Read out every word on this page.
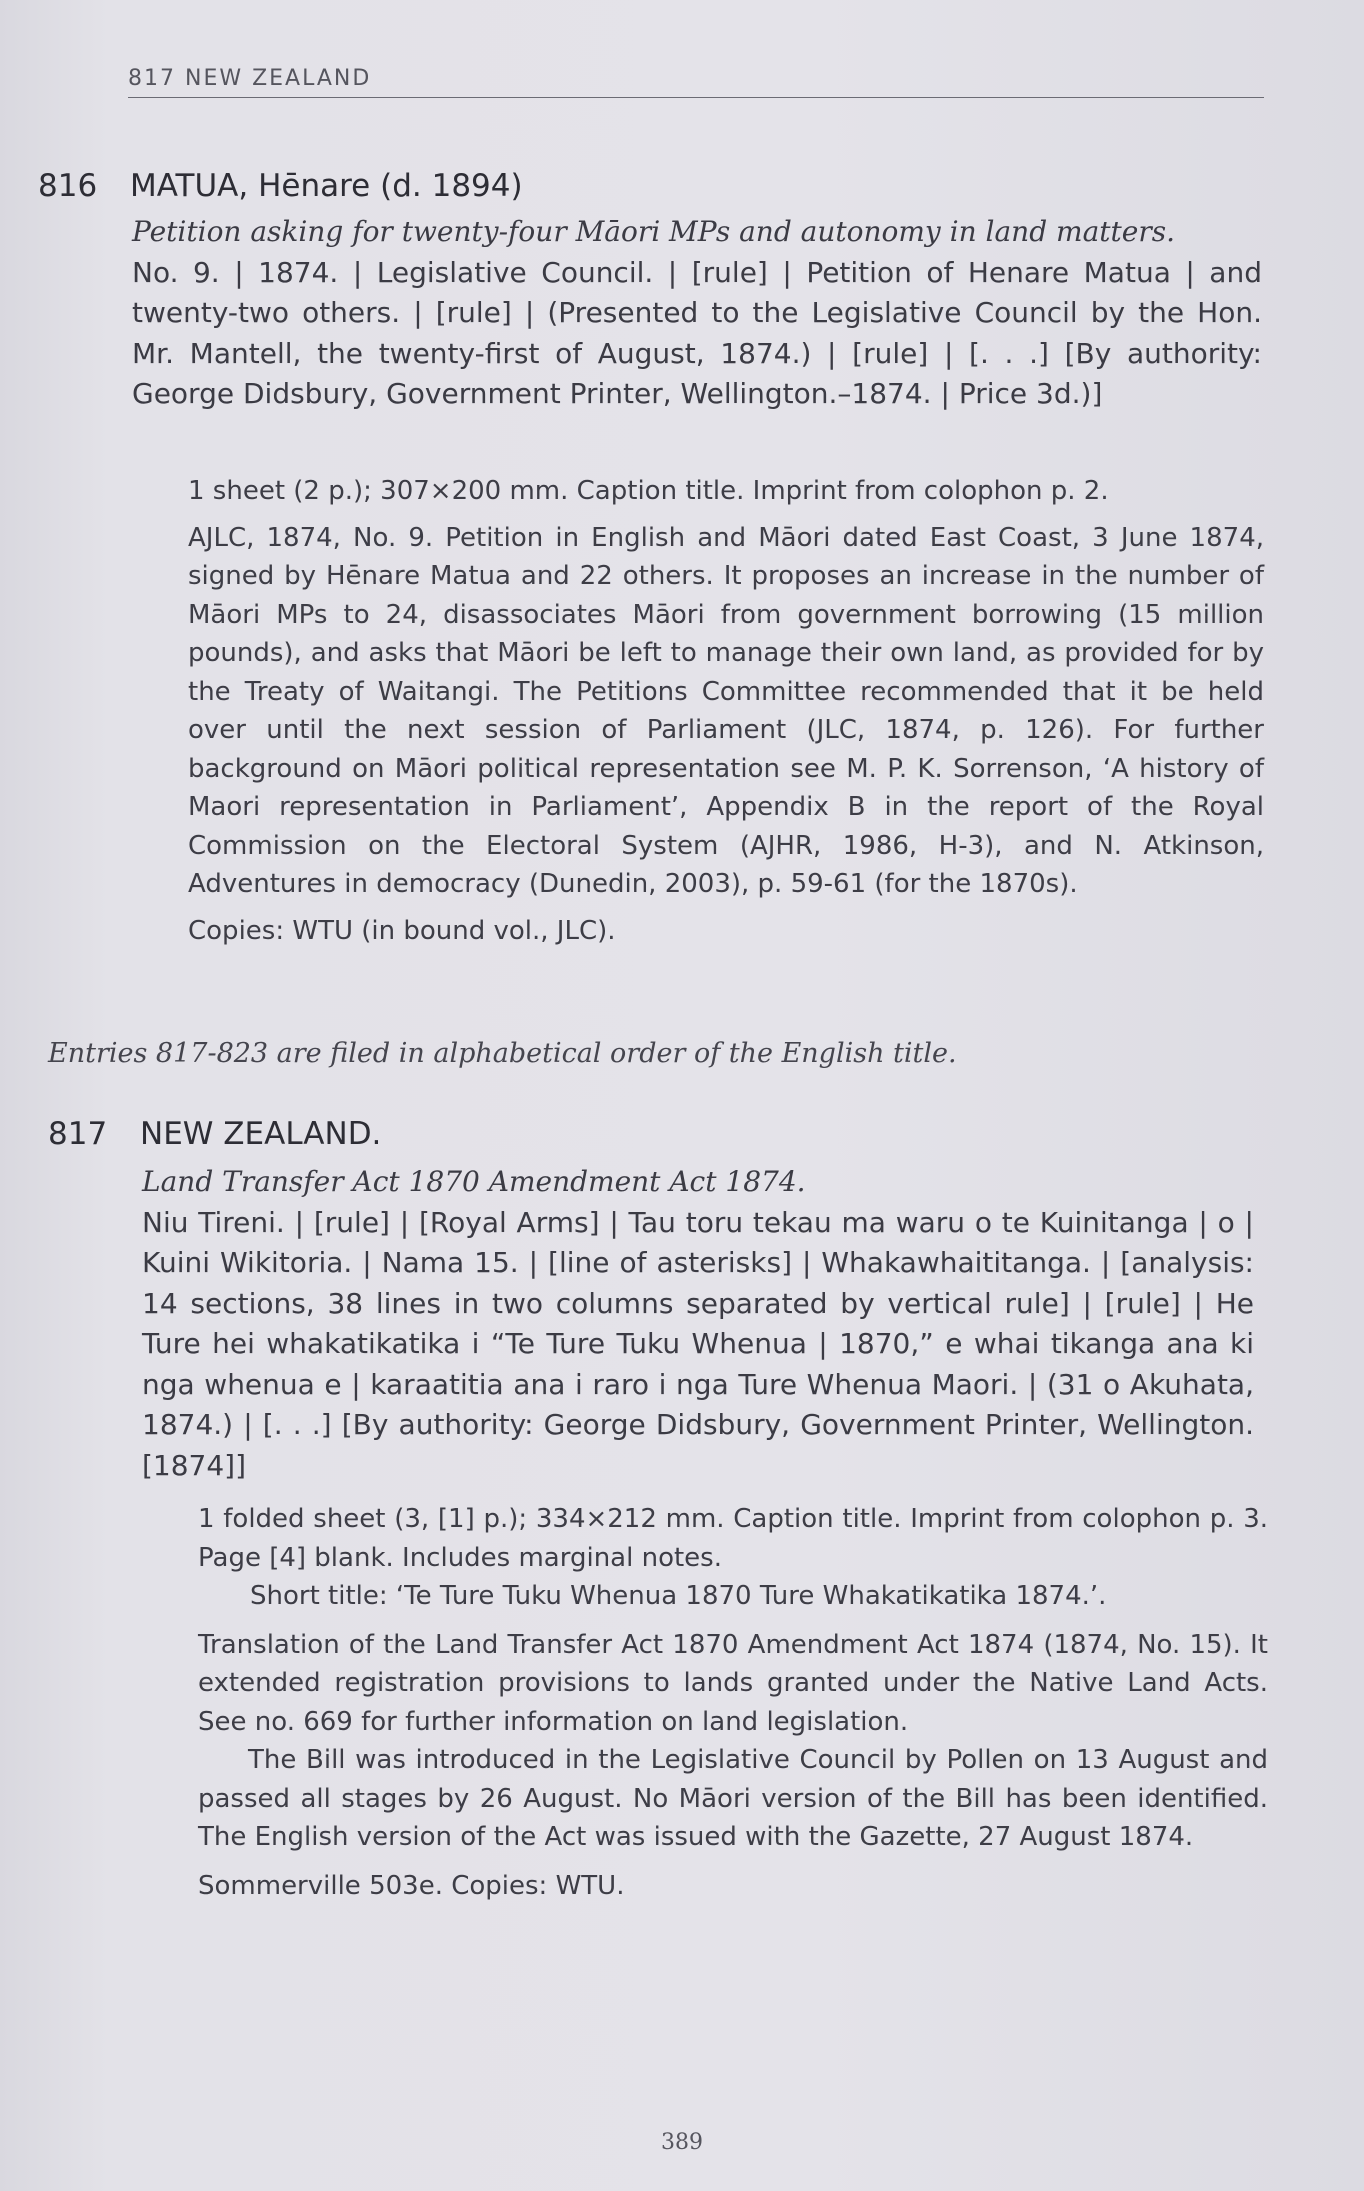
817 NEW ZEALAND
816 MATUA, Hēnare (d. 1894)

Petition asking for twenty-four Māori MPs and autonomy in land matters.

No. 9. | 1874. | Legislative Council. | [rule] | Petition of Henare Matua | and twenty-two others. | [rule] | (Presented to the Legislative Council by the Hon. Mr. Mantell, the twenty-first of August, 1874.) | [rule] | [. . .] [By authority: George Didsbury, Government Printer, Wellington.–1874. | Price 3d.)]

1 sheet (2 p.); 307×200 mm. Caption title. Imprint from colophon p. 2.

AJLC, 1874, No. 9. Petition in English and Māori dated East Coast, 3 June 1874, signed by Hēnare Matua and 22 others. It proposes an increase in the number of Māori MPs to 24, disassociates Māori from government borrowing (15 million pounds), and asks that Māori be left to manage their own land, as provided for by the Treaty of Waitangi. The Petitions Committee recommended that it be held over until the next session of Parliament (JLC, 1874, p. 126). For further background on Māori political representation see M. P. K. Sorrenson, ‘A history of Maori representation in Parliament’, Appendix B in the report of the Royal Commission on the Electoral System (AJHR, 1986, H-3), and N. Atkinson, Adventures in democracy (Dunedin, 2003), p. 59-61 (for the 1870s).

Copies: WTU (in bound vol., JLC).

Entries 817-823 are filed in alphabetical order of the English title.
817 NEW ZEALAND.

Land Transfer Act 1870 Amendment Act 1874.

Niu Tireni. | [rule] | [Royal Arms] | Tau toru tekau ma waru o te Kuinitanga | o | Kuini Wikitoria. | Nama 15. | [line of asterisks] | Whakawhaititanga. | [analysis: 14 sections, 38 lines in two columns separated by vertical rule] | [rule] | He Ture hei whakatikatika i “Te Ture Tuku Whenua | 1870,” e whai tikanga ana ki nga whenua e | karaatitia ana i raro i nga Ture Whenua Maori. | (31 o Akuhata, 1874.) | [. . .] [By authority: George Didsbury, Government Printer, Wellington. [1874]]

1 folded sheet (3, [1] p.); 334×212 mm. Caption title. Imprint from colophon p. 3. Page [4] blank. Includes marginal notes.

Short title: ‘Te Ture Tuku Whenua 1870 Ture Whakatikatika 1874.’.

Translation of the Land Transfer Act 1870 Amendment Act 1874 (1874, No. 15). It extended registration provisions to lands granted under the Native Land Acts. See no. 669 for further information on land legislation.

The Bill was introduced in the Legislative Council by Pollen on 13 August and passed all stages by 26 August. No Māori version of the Bill has been identified. The English version of the Act was issued with the Gazette, 27 August 1874.

Sommerville 503e. Copies: WTU.

389
